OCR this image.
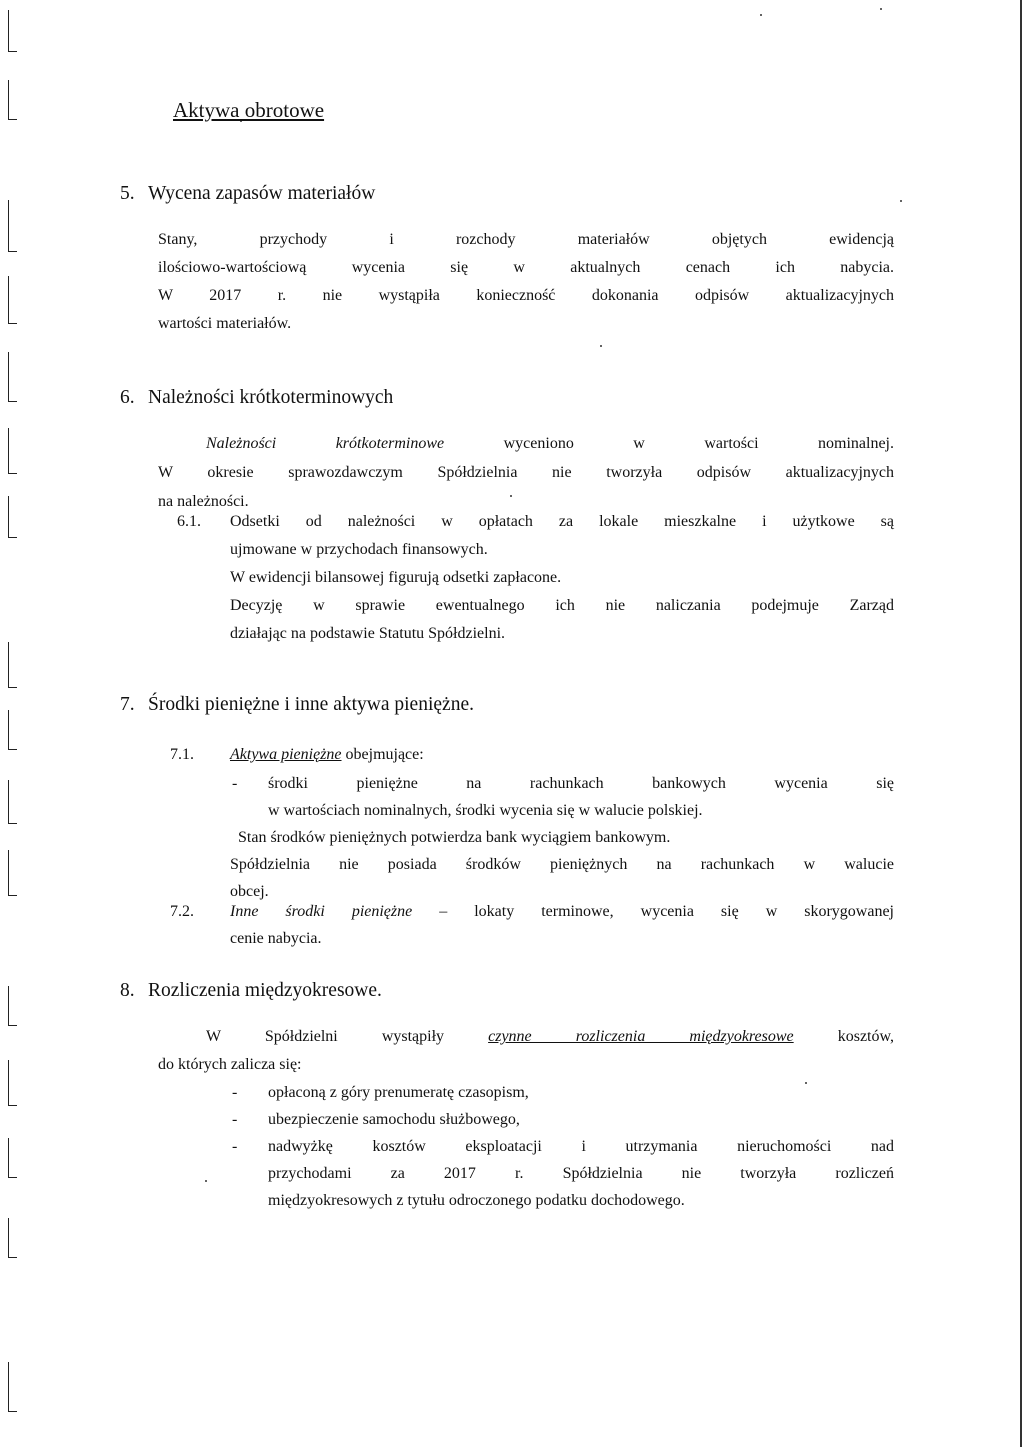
Aktywa obrotowe
5. Wycena zapasów materiałów
Stany, przychody i rozchody materiałów objętych ewidencją
ilościowo-wartościową wycenia się w aktualnych cenach ich nabycia.
W 2017 r. nie wystąpiła konieczność dokonania odpisów aktualizacyjnych
wartości materiałów.
6. Należności krótkoterminowych
Należności krótkoterminowe	wyceniono w wartości nominalnej.
W okresie sprawozdawczym Spółdzielnia nie tworzyła odpisów aktualizacyjnych
na należności.
6.1. Odsetki od należności w opłatach za lokale mieszkalne i użytkowe są
ujmowane w przychodach finansowych.
W ewidencji bilansowej figurują odsetki zapłacone.
Decyzję w sprawie ewentualnego ich nie naliczania podejmuje Zarząd
działając na podstawie Statutu Spółdzielni.
7. Środki pieniężne i inne aktywa pieniężne.
7.1. Aktywa pieniężne obejmujące:
- środki pieniężne na rachunkach bankowych wycenia się
w wartościach nominalnych, środki wycenia się w walucie polskiej.
Stan środków pieniężnych potwierdza bank wyciągiem bankowym.
Spółdzielnia nie posiada środków pieniężnych na rachunkach w walucie
obcej.
7.2. Inne środki pieniężne – lokaty terminowe, wycenia się w skorygowanej
cenie nabycia.
8. Rozliczenia międzyokresowe.
W Spółdzielni wystąpiły	czynne rozliczenia międzyokresowe	kosztów,
do których zalicza się:
- opłaconą z góry prenumeratę czasopism,
- ubezpieczenie samochodu służbowego,
- nadwyżkę kosztów eksploatacji i utrzymania nieruchomości nad
przychodami za 2017 r. Spółdzielnia nie tworzyła rozliczeń
międzyokresowych z tytułu odroczonego podatku dochodowego.
